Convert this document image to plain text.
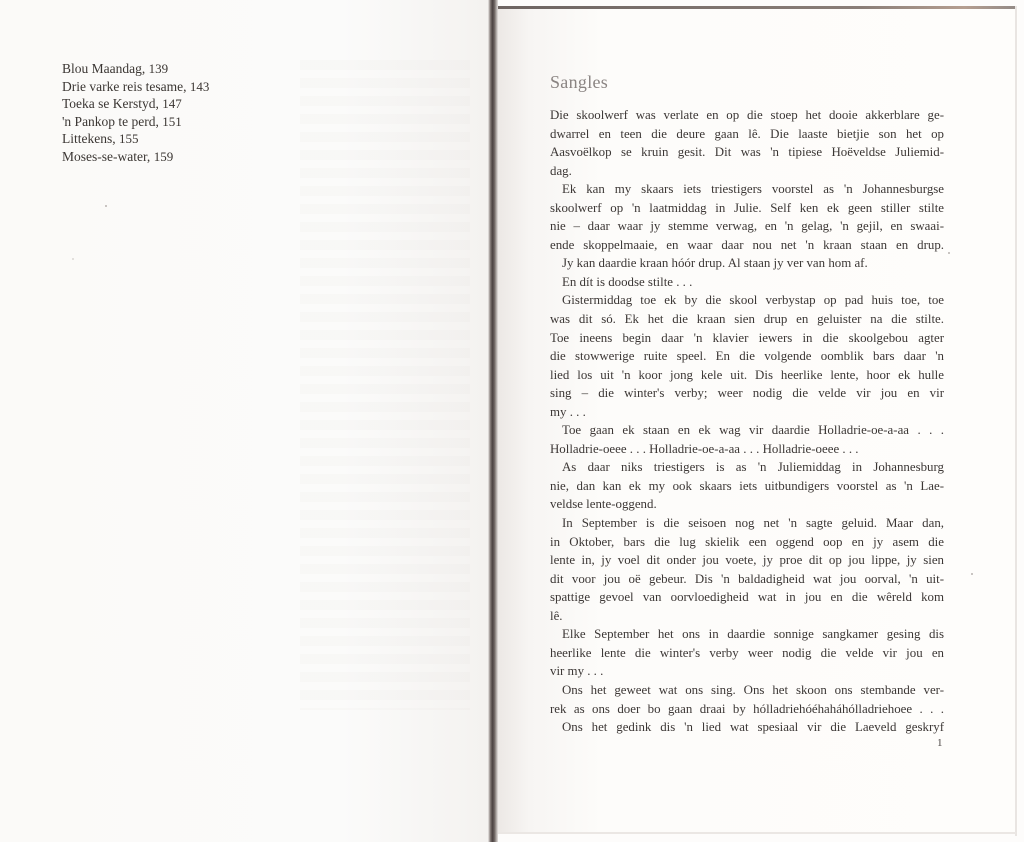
Blou Maandag, 139
Drie varke reis tesame, 143
Toeka se Kerstyd, 147
'n Pankop te perd, 151
Littekens, 155
Moses-se-water, 159
Sangles
Die skoolwerf was verlate en op die stoep het dooie akkerblare ge-
dwarrel en teen die deure gaan lê. Die laaste bietjie son het op
Aasvoëlkop se kruin gesit. Dit was 'n tipiese Hoëveldse Juliemid-
dag.
Ek kan my skaars iets triestigers voorstel as 'n Johannesburgse
skoolwerf op 'n laatmiddag in Julie. Self ken ek geen stiller stilte
nie – daar waar jy stemme verwag, en 'n gelag, 'n gejil, en swaai-
ende skoppelmaaie, en waar daar nou net 'n kraan staan en drup.
Jy kan daardie kraan hóór drup. Al staan jy ver van hom af.
En dít is doodse stilte . . .
Gistermiddag toe ek by die skool verbystap op pad huis toe, toe
was dit só. Ek het die kraan sien drup en geluister na die stilte.
Toe ineens begin daar 'n klavier iewers in die skoolgebou agter
die stowwerige ruite speel. En die volgende oomblik bars daar 'n
lied los uit 'n koor jong kele uit. Dis heerlike lente, hoor ek hulle
sing – die winter's verby; weer nodig die velde vir jou en vir
my . . .
Toe gaan ek staan en ek wag vir daardie Holladrie-oe-a-aa . . .
Holladrie-oeee . . . Holladrie-oe-a-aa . . . Holladrie-oeee . . .
As daar niks triestigers is as 'n Juliemiddag in Johannesburg
nie, dan kan ek my ook skaars iets uitbundigers voorstel as 'n Lae-
veldse lente-oggend.
In September is die seisoen nog net 'n sagte geluid. Maar dan,
in Oktober, bars die lug skielik een oggend oop en jy asem die
lente in, jy voel dit onder jou voete, jy proe dit op jou lippe, jy sien
dit voor jou oë gebeur. Dis 'n baldadigheid wat jou oorval, 'n uit-
spattige gevoel van oorvloedigheid wat in jou en die wêreld kom
lê.
Elke September het ons in daardie sonnige sangkamer gesing dis
heerlike lente die winter's verby weer nodig die velde vir jou en
vir my . . .
Ons het geweet wat ons sing. Ons het skoon ons stembande ver-
rek as ons doer bo gaan draai by hólladriehóéhaháhólladriehoee . . .
Ons het gedink dis 'n lied wat spesiaal vir die Laeveld geskryf
1
